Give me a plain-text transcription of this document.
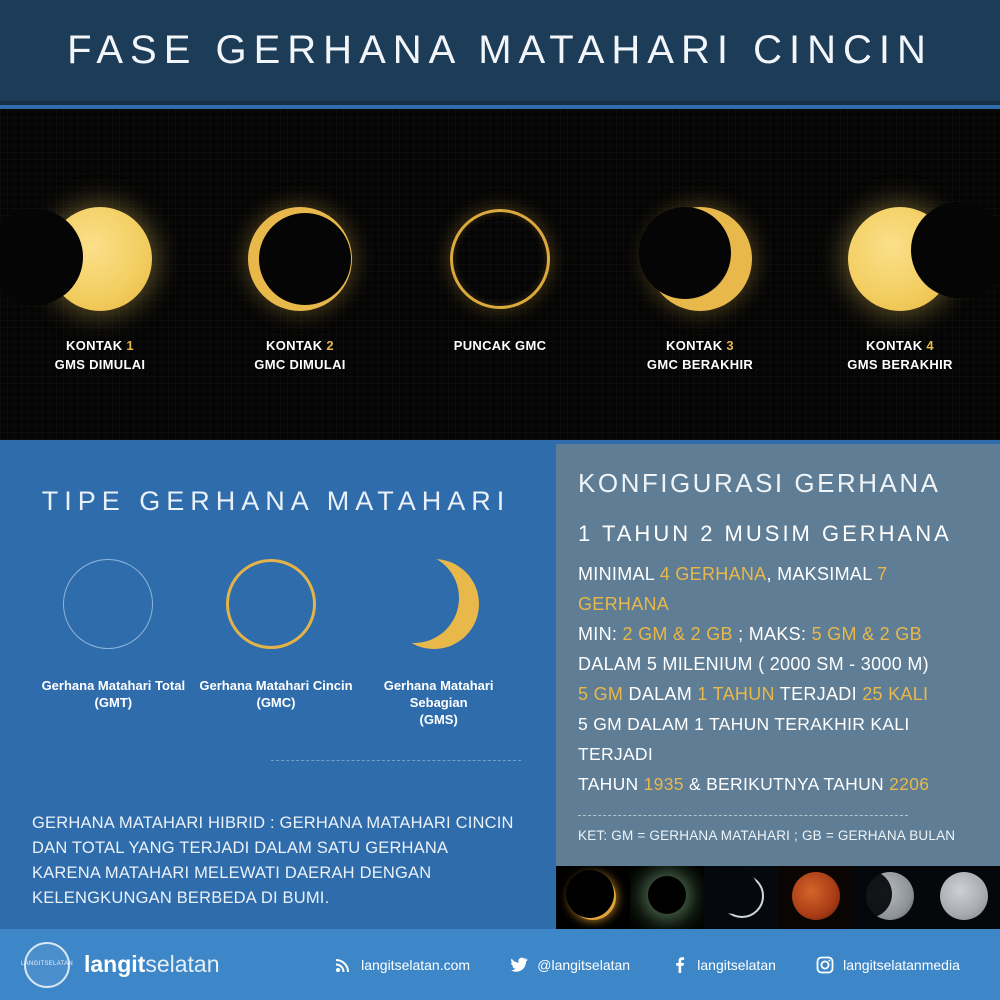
FASE GERHANA MATAHARI CINCIN
KONTAK 1
GMS DIMULAI
KONTAK 2
GMC DIMULAI
PUNCAK GMC	KONTAK 3
GMC BERAKHIR
KONTAK 4
GMS BERAKHIR
TIPE GERHANA MATAHARI
Gerhana Matahari Total
(GMT)
Gerhana Matahari Cincin
(GMC)
Gerhana Matahari Sebagian
(GMS)

GERHANA MATAHARI HIBRID : GERHANA MATAHARI CINCIN DAN TOTAL YANG TERJADI DALAM SATU GERHANA KARENA MATAHARI MELEWATI DAERAH DENGAN KELENGKUNGAN BERBEDA DI BUMI.

KONFIGURASI GERHANA
1 TAHUN 2 MUSIM GERHANA
MINIMAL 4 GERHANA, MAKSIMAL 7 GERHANA
MIN: 2 GM & 2 GB ; MAKS: 5 GM & 2 GB
DALAM 5 MILENIUM ( 2000 SM - 3000 M)
5 GM DALAM 1 TAHUN TERJADI 25 KALI
5 GM DALAM 1 TAHUN TERAKHIR KALI TERJADI
TAHUN 1935 & BERIKUTNYA TAHUN 2206
KET: GM = GERHANA MATAHARI ; GB = GERHANA BULAN
LANGITSELATAN langitselatan	langitselatan.com	@langitselatan	langitselatan	langitselatanmedia
